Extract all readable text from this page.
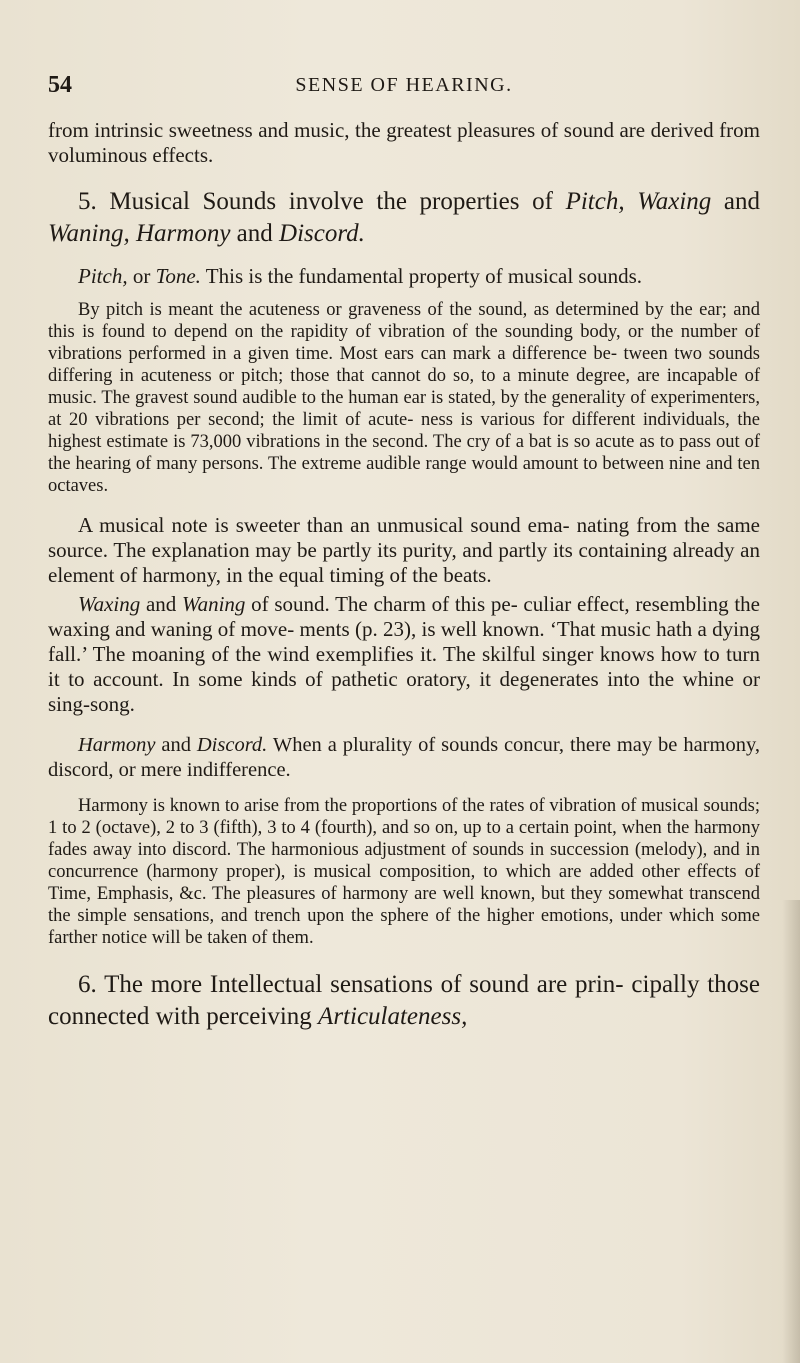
54	SENSE OF HEARING.

from intrinsic sweetness and music, the greatest pleasures of sound are derived from voluminous effects.

5. Musical Sounds involve the properties of Pitch, Waxing and Waning, Harmony and Discord.

Pitch, or Tone. This is the fundamental property of musical sounds.

By pitch is meant the acuteness or graveness of the sound, as determined by the ear; and this is found to depend on the rapidity of vibration of the sounding body, or the number of vibrations performed in a given time. Most ears can mark a difference be- tween two sounds differing in acuteness or pitch; those that cannot do so, to a minute degree, are incapable of music. The gravest sound audible to the human ear is stated, by the generality of experimenters, at 20 vibrations per second; the limit of acute- ness is various for different individuals, the highest estimate is 73,000 vibrations in the second. The cry of a bat is so acute as to pass out of the hearing of many persons. The extreme audible range would amount to between nine and ten octaves.

A musical note is sweeter than an unmusical sound ema- nating from the same source. The explanation may be partly its purity, and partly its containing already an element of harmony, in the equal timing of the beats.

Waxing and Waning of sound. The charm of this pe- culiar effect, resembling the waxing and waning of move- ments (p. 23), is well known. ‘That music hath a dying fall.’ The moaning of the wind exemplifies it. The skilful singer knows how to turn it to account. In some kinds of pathetic oratory, it degenerates into the whine or sing-song.

Harmony and Discord. When a plurality of sounds concur, there may be harmony, discord, or mere indifference.

Harmony is known to arise from the proportions of the rates of vibration of musical sounds; 1 to 2 (octave), 2 to 3 (fifth), 3 to 4 (fourth), and so on, up to a certain point, when the harmony fades away into discord. The harmonious adjustment of sounds in succession (melody), and in concurrence (harmony proper), is musical composition, to which are added other effects of Time, Emphasis, &c. The pleasures of harmony are well known, but they somewhat transcend the simple sensations, and trench upon the sphere of the higher emotions, under which some farther notice will be taken of them.

6. The more Intellectual sensations of sound are prin- cipally those connected with perceiving Articulateness,
